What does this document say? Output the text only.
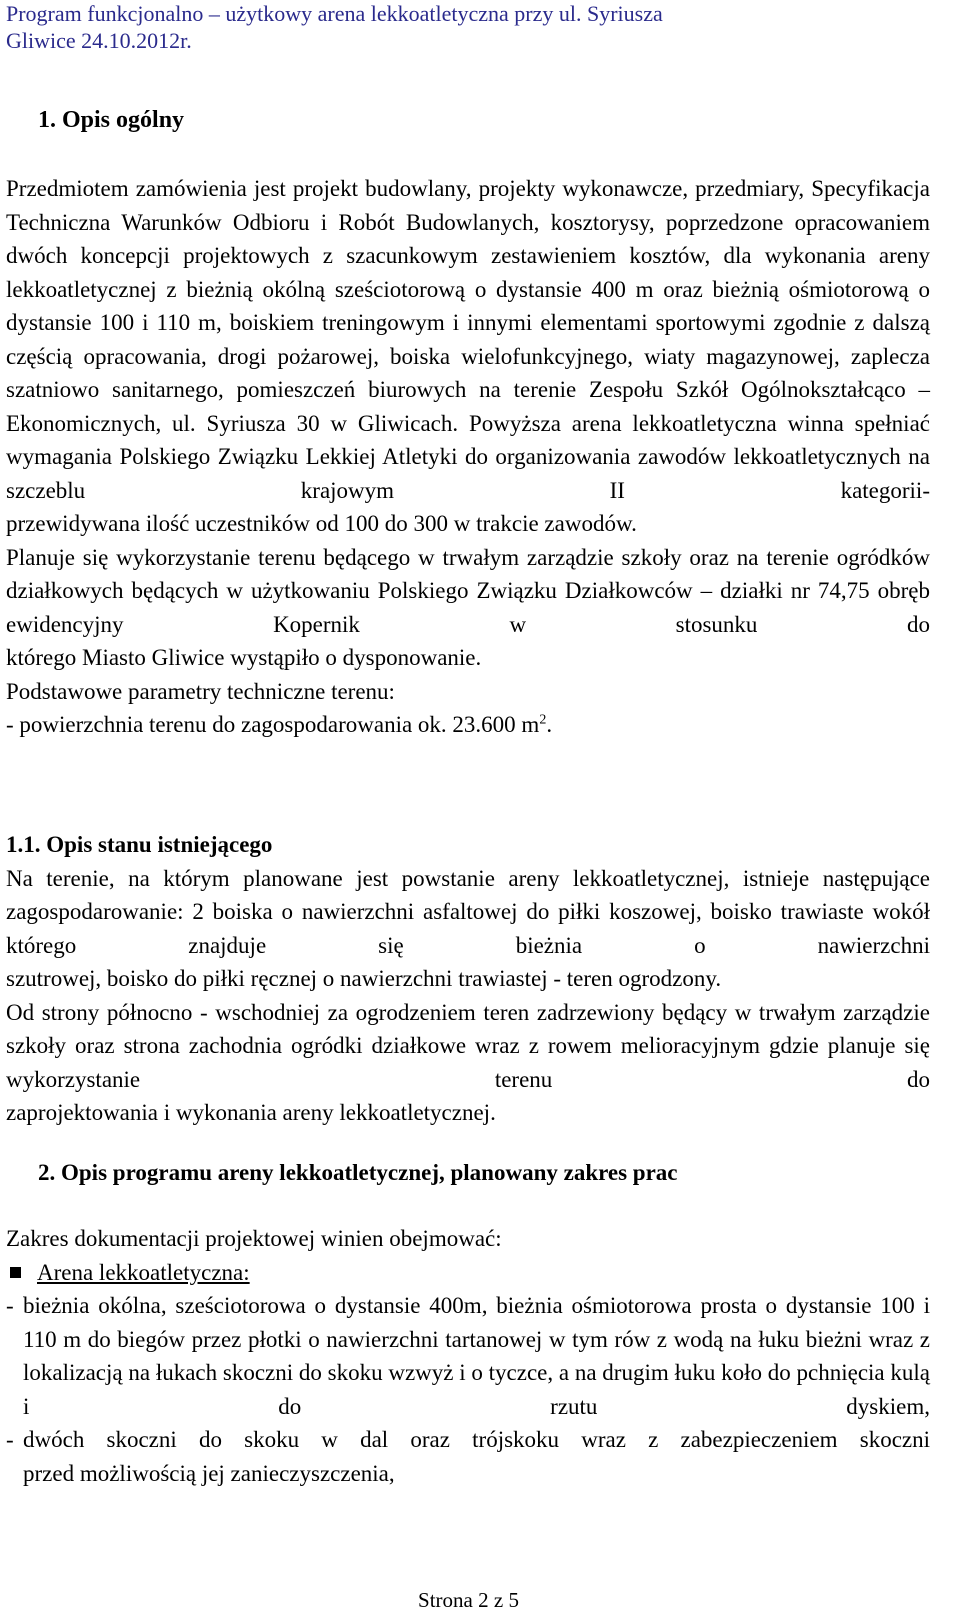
Program funkcjonalno – użytkowy arena lekkoatletyczna przy ul. Syriusza
Gliwice 24.10.2012r.
1. Opis ogólny

Przedmiotem zamówienia jest projekt budowlany, projekty wykonawcze, przedmiary, Specyfikacja Techniczna Warunków Odbioru i Robót Budowlanych, kosztorysy, poprzedzone opracowaniem dwóch koncepcji projektowych z szacunkowym zestawieniem kosztów, dla wykonania areny lekkoatletycznej z bieżnią okólną sześciotorową o dystansie 400 m oraz bieżnią ośmiotorową o dystansie 100 i 110 m, boiskiem treningowym i innymi elementami sportowymi zgodnie z dalszą częścią opracowania, drogi pożarowej, boiska wielofunkcyjnego, wiaty magazynowej, zaplecza szatniowo sanitarnego, pomieszczeń biurowych na terenie Zespołu Szkół Ogólnokształcąco – Ekonomicznych, ul. Syriusza 30 w Gliwicach. Powyższa arena lekkoatletyczna winna spełniać wymagania Polskiego Związku Lekkiej Atletyki do organizowania zawodów lekkoatletycznych na szczeblu krajowym II kategorii-

przewidywana ilość uczestników od 100 do 300 w trakcie zawodów.

Planuje się wykorzystanie terenu będącego w trwałym zarządzie szkoły oraz na terenie ogródków działkowych będących w użytkowaniu Polskiego Związku Działkowców – działki nr 74,75 obręb ewidencyjny Kopernik w stosunku do

którego Miasto Gliwice wystąpiło o dysponowanie.

Podstawowe parametry techniczne terenu:

- powierzchnia terenu do zagospodarowania ok. 23.600 $m^2$.

1.1. Opis stanu istniejącego

Na terenie, na którym planowane jest powstanie areny lekkoatletycznej, istnieje następujące zagospodarowanie: 2 boiska o nawierzchni asfaltowej do piłki koszowej, boisko trawiaste wokół którego znajduje się bieżnia o nawierzchni

szutrowej, boisko do piłki ręcznej o nawierzchni trawiastej - teren ogrodzony.

Od strony północno - wschodniej za ogrodzeniem teren zadrzewiony będący w trwałym zarządzie szkoły oraz strona zachodnia ogródki działkowe wraz z rowem melioracyjnym gdzie planuje się wykorzystanie terenu do

zaprojektowania i wykonania areny lekkoatletycznej.

2. Opis programu areny lekkoatletycznej, planowany zakres prac

Zakres dokumentacji projektowej winien obejmować:

Arena lekkoatletyczna:

- bieżnia okólna, sześciotorowa o dystansie 400m, bieżnia ośmiotorowa prosta o dystansie 100 i 110 m do biegów przez płotki o nawierzchni tartanowej w tym rów z wodą na łuku bieżni wraz z lokalizacją na łukach skoczni do skoku wzwyż i o tyczce, a na drugim łuku koło do pchnięcia kulą i do rzutu dyskiem,

- dwóch skoczni do skoku w dal oraz trójskoku wraz z zabezpieczeniem skoczni

przed możliwością jej zanieczyszczenia,

Strona 2 z 5
